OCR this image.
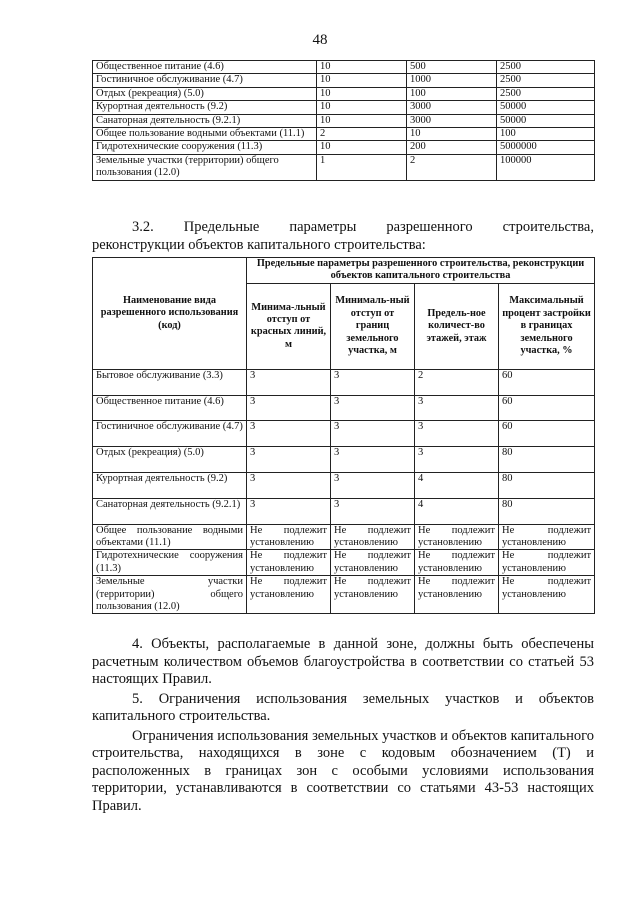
48
Общественное питание (4.6)	10	500	2500
Гостиничное обслуживание (4.7)	10	1000	2500
Отдых (рекреация) (5.0)	10	100	2500
Курортная деятельность (9.2)	10	3000	50000
Санаторная деятельность (9.2.1)	10	3000	50000
Общее пользование водными объектами (11.1)	2	10	100
Гидротехнические сооружения (11.3)	10	200	5000000
Земельные участки (территории) общего пользования (12.0)	1	2	100000
3.2. Предельные параметры разрешенного строительства,
реконструкции объектов капитального строительства:
Наименование вида разрешенного использования (код)	Предельные параметры разрешенного строительства, реконструкции объектов капитального строительства			
	Минима-льный отступ от красных линий, м	Минималь-ный отступ от границ земельного участка, м	Предель-ное количест-во этажей, этаж	Максимальный процент застройки в границах земельного участка, %
Бытовое обслуживание (3.3)	3	3	2	60
Общественное питание (4.6)	3	3	3	60
Гостиничное обслуживание (4.7)	3	3	3	60
Отдых (рекреация) (5.0)	3	3	3	80
Курортная деятельность (9.2)	3	3	4	80
Санаторная деятельность (9.2.1)	3	3	4	80
Общее пользование водными объектами (11.1)	Не подлежит установлению	Не подлежит установлению	Не подлежит установлению	Не подлежит установлению
Гидротехнические сооружения (11.3)	Не подлежит установлению	Не подлежит установлению	Не подлежит установлению	Не подлежит установлению
Земельные участки (территории) общего пользования (12.0)	Не подлежит установлению	Не подлежит установлению	Не подлежит установлению	Не подлежит установлению

4. Объекты, располагаемые в данной зоне, должны быть обеспечены расчетным количеством объемов благоустройства в соответствии со статьей 53 настоящих Правил.

5. Ограничения использования земельных участков и объектов капитального строительства.

Ограничения использования земельных участков и объектов капитального строительства, находящихся в зоне с кодовым обозначением (Т) и расположенных в границах зон с особыми условиями использования территории, устанавливаются в соответствии со статьями 43-53 настоящих Правил.
